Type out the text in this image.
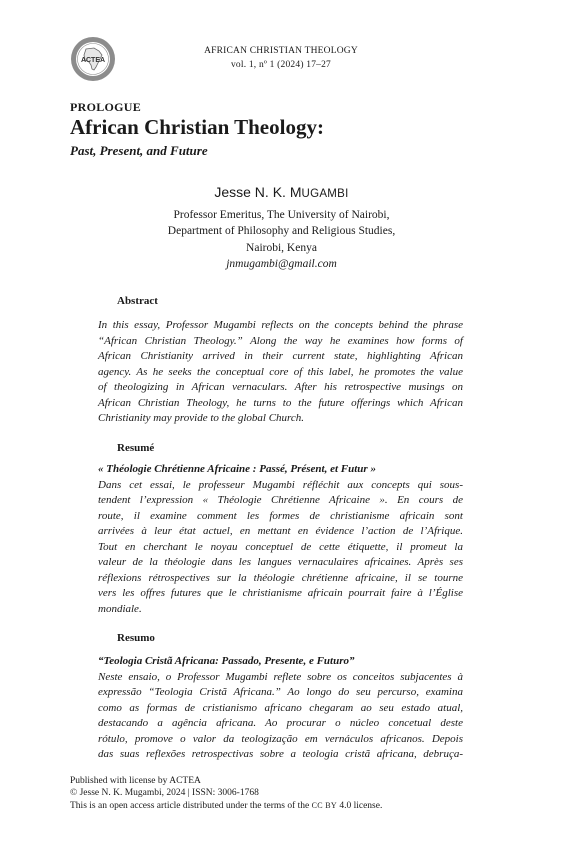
ACTEA
AFRICAN CHRISTIAN THEOLOGY
vol. 1, nº 1 (2024) 17–27
PROLOGUE
African Christian Theology:
Past, Present, and Future
Jesse N. K. MUGAMBI
Professor Emeritus, The University of Nairobi,
Department of Philosophy and Religious Studies,
Nairobi, Kenya
jnmugambi@gmail.com
Abstract
In this essay, Professor Mugambi reflects on the concepts behind the phrase
“African Christian Theology.” Along the way he examines how forms of
African Christianity arrived in their current state, highlighting African
agency. As he seeks the conceptual core of this label, he promotes the value
of theologizing in African vernaculars. After his retrospective musings on
African Christian Theology, he turns to the future offerings which African
Christianity may provide to the global Church.
Resumé
« Théologie Chrétienne Africaine : Passé, Présent, et Futur »
Dans cet essai, le professeur Mugambi réfléchit aux concepts qui sous-
tendent l’expression « Théologie Chrétienne Africaine ». En cours de
route, il examine comment les formes de christianisme africain sont
arrivées à leur état actuel, en mettant en évidence l’action de l’Afrique.
Tout en cherchant le noyau conceptuel de cette étiquette, il promeut la
valeur de la théologie dans les langues vernaculaires africaines. Après ses
réflexions rétrospectives sur la théologie chrétienne africaine, il se tourne
vers les offres futures que le christianisme africain pourrait faire à l’Église
mondiale.
Resumo
“Teologia Cristã Africana: Passado, Presente, e Futuro”
Neste ensaio, o Professor Mugambi reflete sobre os conceitos subjacentes à
expressão “Teologia Cristã Africana.” Ao longo do seu percurso, examina
como as formas de cristianismo africano chegaram ao seu estado atual,
destacando a agência africana. Ao procurar o núcleo concetual deste
rótulo, promove o valor da teologização em vernáculos africanos. Depois
das suas reflexões retrospectivas sobre a teologia cristã africana, debruça-
Published with license by ACTEA
© Jesse N. K. Mugambi, 2024 | ISSN: 3006-1768
This is an open access article distributed under the terms of the CC BY 4.0 license.
